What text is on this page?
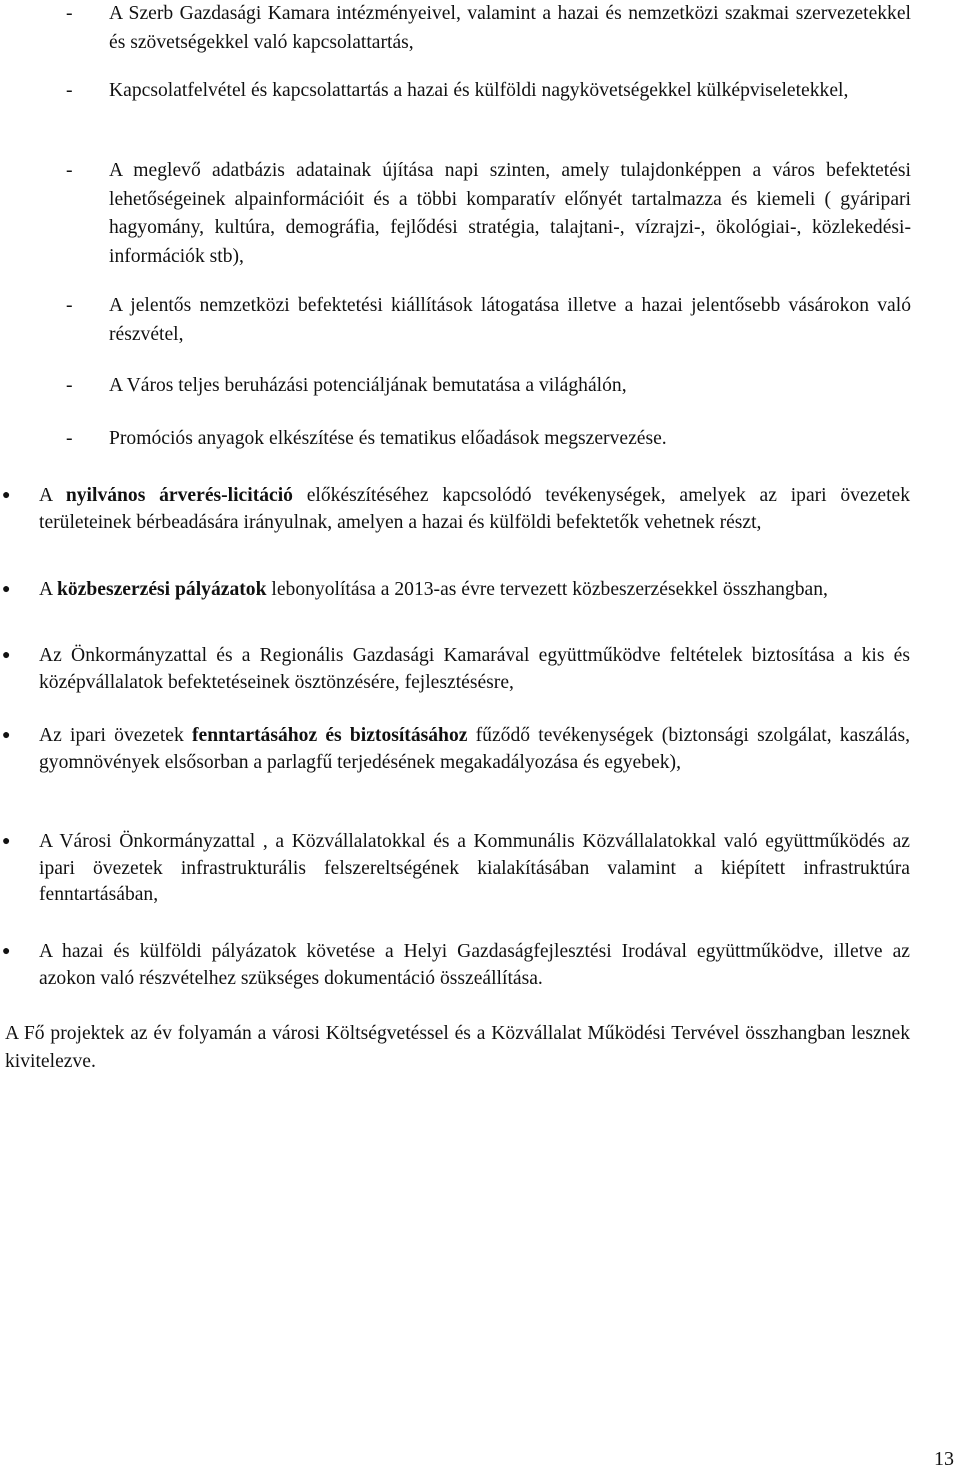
- A Szerb Gazdasági Kamara intézményeivel, valamint a hazai és nemzetközi szakmai szervezetekkel és szövetségekkel való kapcsolattartás,
- Kapcsolatfelvétel és kapcsolattartás a hazai és külföldi nagykövetségekkel külképviseletekkel,
- A meglevő adatbázis adatainak újítása napi szinten, amely tulajdonképpen a város befektetési lehetőségeinek alpainformációit és a többi komparatív előnyét tartalmazza és kiemeli ( gyáripari hagyomány, kultúra, demográfia, fejlődési stratégia, talajtani-, vízrajzi-, ökológiai-, közlekedési- információk stb),
- A jelentős nemzetközi befektetési kiállítások látogatása illetve a hazai jelentősebb vásárokon való részvétel,
- A Város teljes beruházási potenciáljának bemutatása a világhálón,
- Promóciós anyagok elkészítése és tematikus előadások megszervezése.
● A nyilvános árverés-licitáció előkészítéséhez kapcsolódó tevékenységek, amelyek az ipari övezetek területeinek bérbeadására irányulnak, amelyen a hazai és külföldi befektetők vehetnek részt,
● A közbeszerzési pályázatok lebonyolítása a 2013-as évre tervezett közbeszerzésekkel összhangban,
● Az Önkormányzattal és a Regionális Gazdasági Kamarával együttműködve feltételek biztosítása a kis és középvállalatok befektetéseinek ösztönzésére, fejlesztésésre,
● Az ipari övezetek fenntartásához és biztosításához fűződő tevékenységek (biztonsági szolgálat, kaszálás, gyomnövények elsősorban a parlagfű terjedésének megakadályozása és egyebek),
● A Városi Önkormányzattal , a Közvállalatokkal és a Kommunális Közvállalatokkal való együttműködés az ipari övezetek infrastrukturális felszereltségének kialakításában valamint a kiépített infrastruktúra fenntartásában,
● A hazai és külföldi pályázatok követése a Helyi Gazdaságfejlesztési Irodával együttműködve, illetve az azokon való részvételhez szükséges dokumentáció összeállítása.

A Fő projektek az év folyamán a városi Költségvetéssel és a Közvállalat Működési Tervével összhangban lesznek kivitelezve.

13
